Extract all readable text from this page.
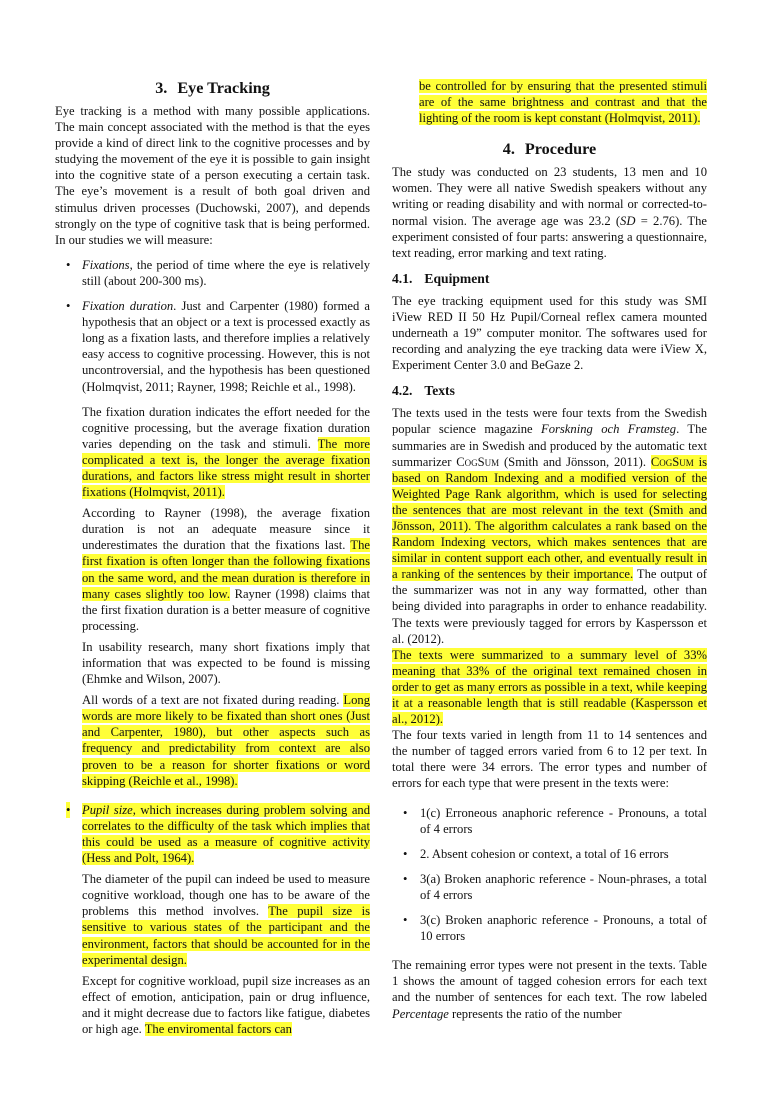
3. Eye Tracking

Eye tracking is a method with many possible applications. The main concept associated with the method is that the eyes provide a kind of direct link to the cognitive processes and by studying the movement of the eye it is possible to gain insight into the cognitive state of a person executing a certain task. The eye’s movement is a result of both goal driven and stimulus driven processes (Duchowski, 2007), and depends strongly on the type of cognitive task that is being performed. In our studies we will measure:

• Fixations, the period of time where the eye is relatively still (about 200-300 ms).

• Fixation duration. Just and Carpenter (1980) formed a hypothesis that an object or a text is processed exactly as long as a fixation lasts, and therefore implies a relatively easy access to cognitive processing. However, this is not uncontroversial, and the hypothesis has been questioned (Holmqvist, 2011; Rayner, 1998; Reichle et al., 1998).

The fixation duration indicates the effort needed for the cognitive processing, but the average fixation duration varies depending on the task and stimuli. The more complicated a text is, the longer the average fixation durations, and factors like stress might result in shorter fixations (Holmqvist, 2011).

According to Rayner (1998), the average fixation duration is not an adequate measure since it underestimates the duration that the fixations last. The first fixation is often longer than the following fixations on the same word, and the mean duration is therefore in many cases slightly too low. Rayner (1998) claims that the first fixation duration is a better measure of cognitive processing.

In usability research, many short fixations imply that information that was expected to be found is missing (Ehmke and Wilson, 2007).

All words of a text are not fixated during reading. Long words are more likely to be fixated than short ones (Just and Carpenter, 1980), but other aspects such as frequency and predictability from context are also proven to be a reason for shorter fixations or word skipping (Reichle et al., 1998).

• Pupil size, which increases during problem solving and correlates to the difficulty of the task which implies that this could be used as a measure of cognitive activity (Hess and Polt, 1964).

The diameter of the pupil can indeed be used to measure cognitive workload, though one has to be aware of the problems this method involves. The pupil size is sensitive to various states of the participant and the environment, factors that should be accounted for in the experimental design.

Except for cognitive workload, pupil size increases as an effect of emotion, anticipation, pain or drug influence, and it might decrease due to factors like fatigue, diabetes or high age. The enviromental factors can

be controlled for by ensuring that the presented stimuli are of the same brightness and contrast and that the lighting of the room is kept constant (Holmqvist, 2011).

4. Procedure

The study was conducted on 23 students, 13 men and 10 women. They were all native Swedish speakers without any writing or reading disability and with normal or corrected-to-normal vision. The average age was 23.2 (SD = 2.76). The experiment consisted of four parts: answering a questionnaire, text reading, error marking and text rating.

4.1. Equipment

The eye tracking equipment used for this study was SMI iView RED II 50 Hz Pupil/Corneal reflex camera mounted underneath a 19” computer monitor. The softwares used for recording and analyzing the eye tracking data were iView X, Experiment Center 3.0 and BeGaze 2.

4.2. Texts

The texts used in the tests were four texts from the Swedish popular science magazine Forskning och Framsteg. The summaries are in Swedish and produced by the automatic text summarizer CogSum (Smith and Jönsson, 2011). CogSum is based on Random Indexing and a modified version of the Weighted Page Rank algorithm, which is used for selecting the sentences that are most relevant in the text (Smith and Jönsson, 2011). The algorithm calculates a rank based on the Random Indexing vectors, which makes sentences that are similar in content support each other, and eventually result in a ranking of the sentences by their importance. The output of the summarizer was not in any way formatted, other than being divided into paragraphs in order to enhance readability. The texts were previously tagged for errors by Kaspersson et al. (2012).

The texts were summarized to a summary level of 33% meaning that 33% of the original text remained chosen in order to get as many errors as possible in a text, while keeping it at a reasonable length that is still readable (Kaspersson et al., 2012).

The four texts varied in length from 11 to 14 sentences and the number of tagged errors varied from 6 to 12 per text. In total there were 34 errors. The error types and number of errors for each type that were present in the texts were:

• 1(c) Erroneous anaphoric reference - Pronouns, a total of 4 errors

• 2. Absent cohesion or context, a total of 16 errors

• 3(a) Broken anaphoric reference - Noun-phrases, a total of 4 errors

• 3(c) Broken anaphoric reference - Pronouns, a total of 10 errors

The remaining error types were not present in the texts. Table 1 shows the amount of tagged cohesion errors for each text and the number of sentences for each text. The row labeled Percentage represents the ratio of the number
